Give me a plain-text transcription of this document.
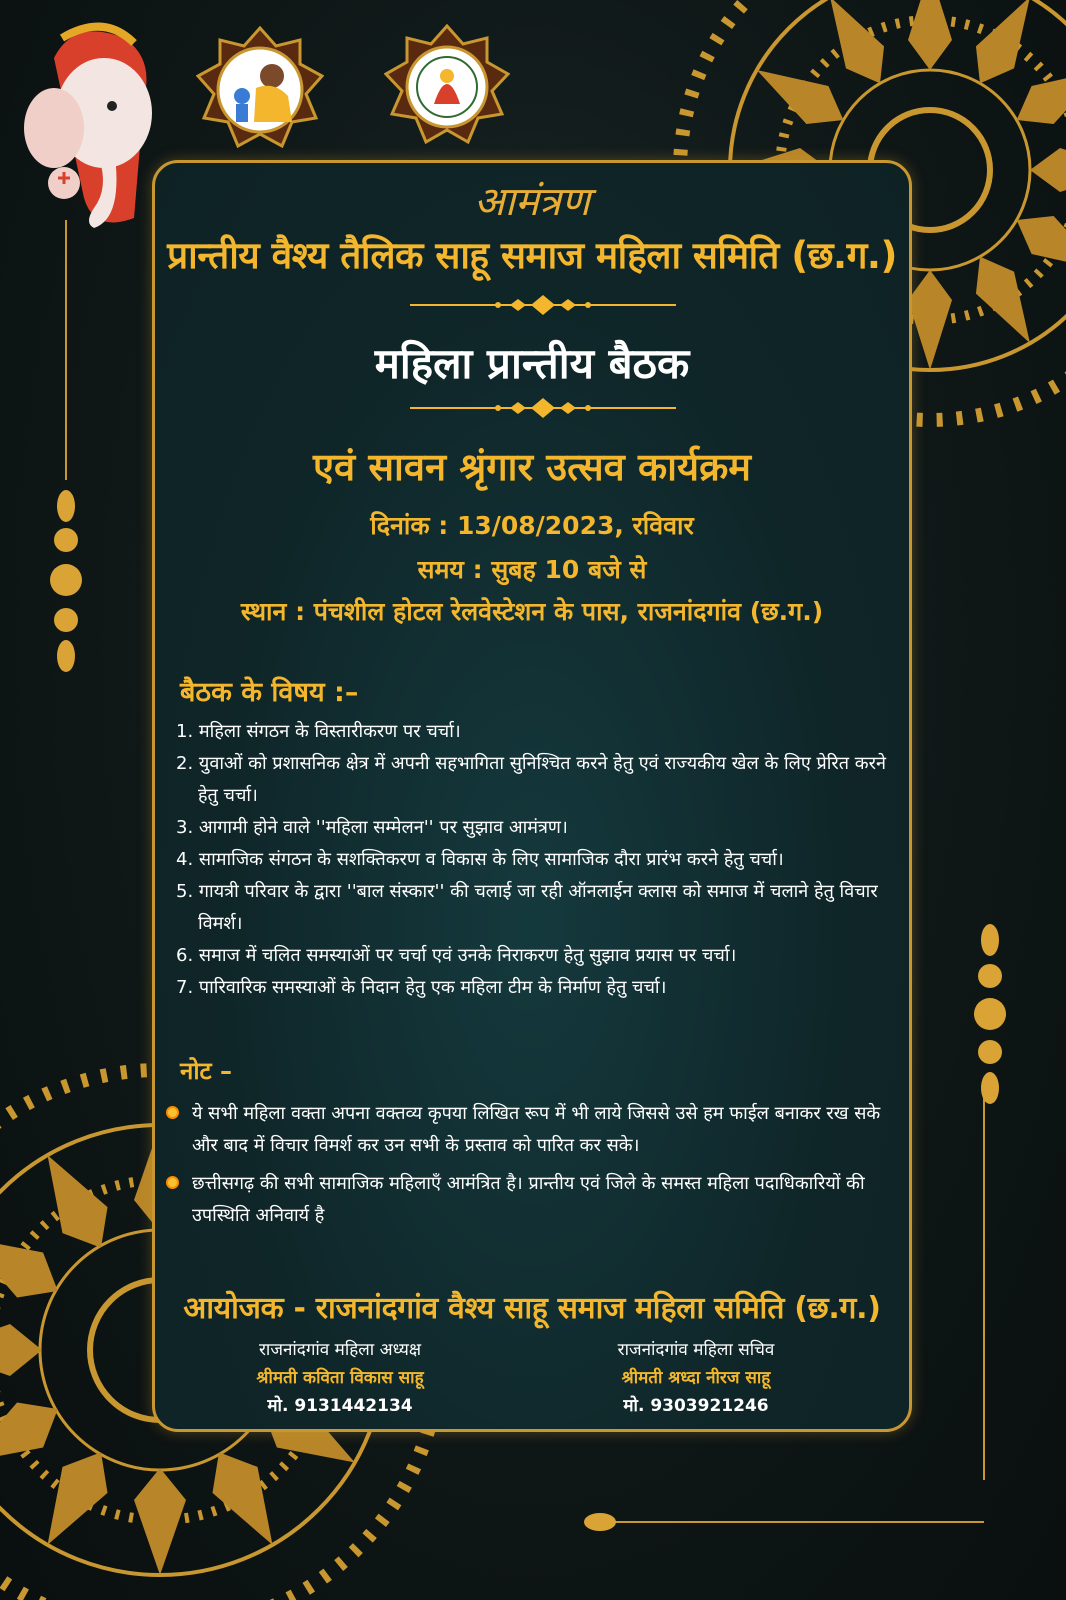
आमंत्रण
प्रान्तीय वैश्य तैलिक साहू समाज महिला समिति (छ.ग.)
महिला प्रान्तीय बैठक
एवं सावन श्रृंगार उत्सव कार्यक्रम
दिनांक : 13/08/2023, रविवार
समय : सुबह 10 बजे से
स्थान : पंचशील होटल रेलवेस्टेशन के पास, राजनांदगांव (छ.ग.)
बैठक के विषय :–
1. महिला संगठन के विस्तारीकरण पर चर्चा।
2. युवाओं को प्रशासनिक क्षेत्र में अपनी सहभागिता सुनिश्चित करने हेतु एवं राज्यकीय खेल के लिए प्रेरित करने हेतु चर्चा।
3. आगामी होने वाले ''महिला सम्मेलन'' पर सुझाव आमंत्रण।
4. सामाजिक संगठन के सशक्तिकरण व विकास के लिए सामाजिक दौरा प्रारंभ करने हेतु चर्चा।
5. गायत्री परिवार के द्वारा ''बाल संस्कार'' की चलाई जा रही ऑनलाईन क्लास को समाज में चलाने हेतु विचार विमर्श।
6. समाज में चलित समस्याओं पर चर्चा एवं उनके निराकरण हेतु सुझाव प्रयास पर चर्चा।
7. पारिवारिक समस्याओं के निदान हेतु एक महिला टीम के निर्माण हेतु चर्चा।
नोट –
ये सभी महिला वक्ता अपना वक्तव्य कृपया लिखित रूप में भी लाये जिससे उसे हम फाईल बनाकर रख सके और बाद में विचार विमर्श कर उन सभी के प्रस्ताव को पारित कर सके।
छत्तीसगढ़ की सभी सामाजिक महिलाएँ आमंत्रित है। प्रान्तीय एवं जिले के समस्त महिला पदाधिकारियों की उपस्थिति अनिवार्य है
आयोजक - राजनांदगांव वैश्य साहू समाज महिला समिति (छ.ग.)
राजनांदगांव महिला अध्यक्ष
श्रीमती कविता विकास साहू
मो. 9131442134
राजनांदगांव महिला सचिव
श्रीमती श्रध्दा नीरज साहू
मो. 9303921246
